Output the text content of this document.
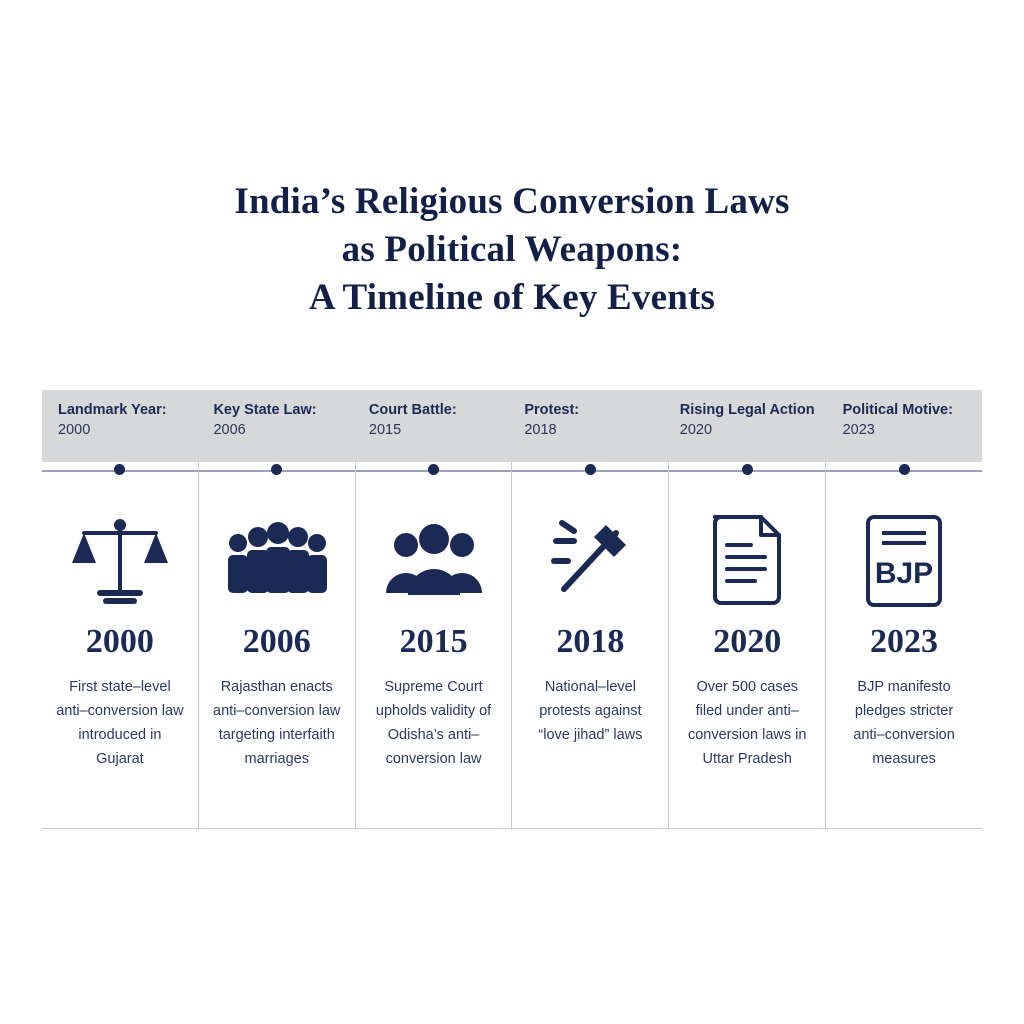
India’s Religious Conversion Laws
as Political Weapons:
A Timeline of Key Events
Landmark Year:
2000
Key State Law:
2006
Court Battle:
2015
Protest:
2018
Rising Legal Action
2020
Political Motive:
2023
2000
First state–level anti–conversion law introduced in Gujarat
2006
Rajasthan enacts anti–conversion law targeting interfaith marriages
2015
Supreme Court upholds validity of Odisha’s anti–conversion law
2018
National–level protests against “love jihad” laws
2020
Over 500 cases filed under anti–conversion laws in Uttar Pradesh
BJP
2023
BJP manifesto pledges stricter anti–conversion measures
